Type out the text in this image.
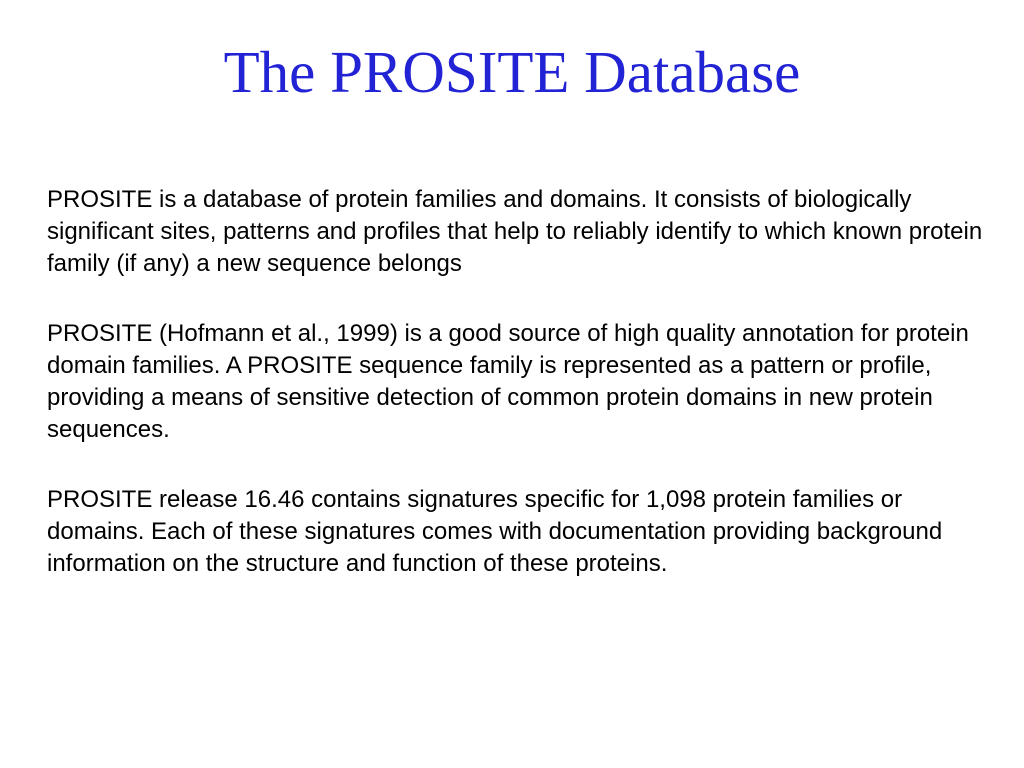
The PROSITE Database

PROSITE is a database of protein families and domains. It consists of biologically significant sites, patterns and profiles that help to reliably identify to which known protein family (if any) a new sequence belongs

PROSITE (Hofmann et al., 1999) is a good source of high quality annotation for protein domain families. A PROSITE sequence family is represented as a pattern or profile, providing a means of sensitive detection of common protein domains in new protein sequences.

PROSITE release 16.46 contains signatures specific for 1,098 protein families or domains. Each of these signatures comes with documentation providing background information on the structure and function of these proteins.
